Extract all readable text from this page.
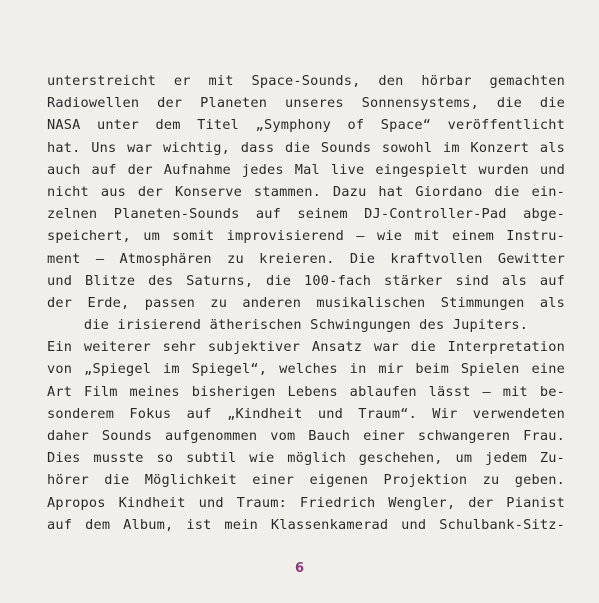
unterstreicht er mit Space-Sounds, den hörbar gemachten
Radiowellen der Planeten unseres Sonnensystems, die die
NASA unter dem Titel „Symphony of Space“ veröffentlicht
hat. Uns war wichtig, dass die Sounds sowohl im Konzert als
auch auf der Aufnahme jedes Mal live eingespielt wurden und
nicht aus der Konserve stammen. Dazu hat Giordano die ein-
zelnen Planeten-Sounds auf seinem DJ-Controller-Pad abge-
speichert, um somit improvisierend – wie mit einem Instru-
ment – Atmosphären zu kreieren. Die kraftvollen Gewitter
und Blitze des Saturns, die 100-fach stärker sind als auf
der Erde, passen zu anderen musikalischen Stimmungen als
die irisierend ätherischen Schwingungen des Jupiters.
Ein weiterer sehr subjektiver Ansatz war die Interpretation
von „Spiegel im Spiegel“, welches in mir beim Spielen eine
Art Film meines bisherigen Lebens ablaufen lässt – mit be-
sonderem Fokus auf „Kindheit und Traum“. Wir verwendeten
daher Sounds aufgenommen vom Bauch einer schwangeren Frau.
Dies musste so subtil wie möglich geschehen, um jedem Zu-
hörer die Möglichkeit einer eigenen Projektion zu geben.
Apropos Kindheit und Traum: Friedrich Wengler, der Pianist
auf dem Album, ist mein Klassenkamerad und Schulbank-Sitz-
6
